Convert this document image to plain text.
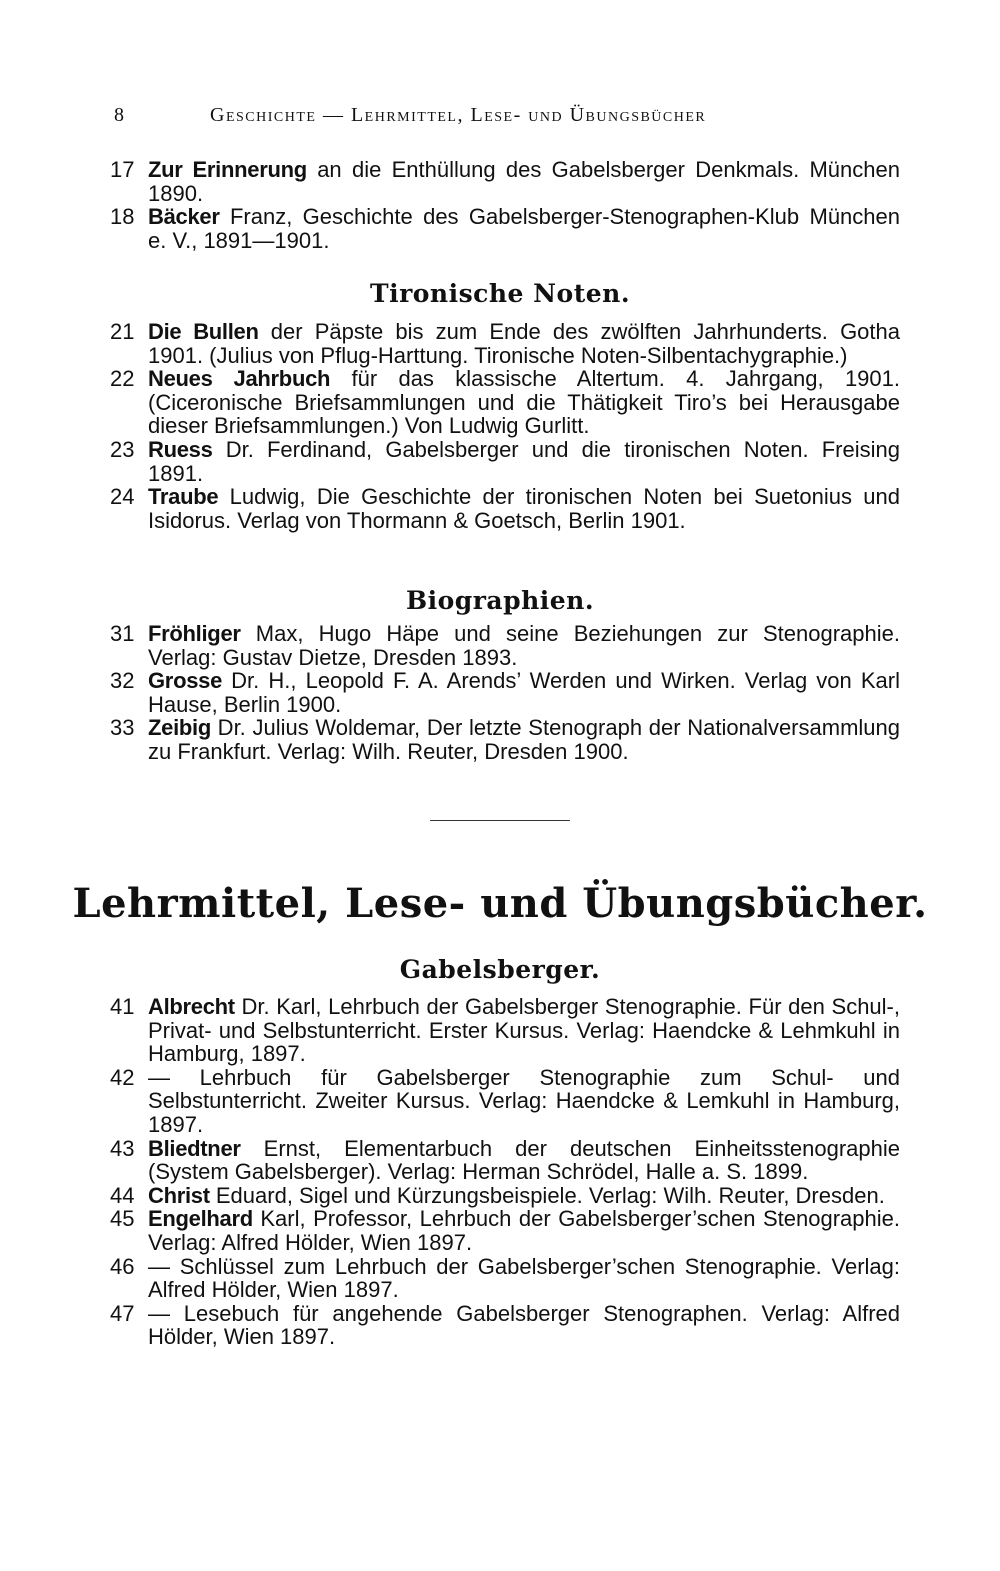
8	Geschichte — Lehrmittel, Lese- und Übungsbücher

17 Zur Erinnerung an die Enthüllung des Gabelsberger Denkmals. München 1890.

18 Bäcker Franz, Geschichte des Gabelsberger-Stenographen-Klub München e. V., 1891—1901.

Tironische Noten.

21 Die Bullen der Päpste bis zum Ende des zwölften Jahrhunderts. Gotha 1901. (Julius von Pflug-Harttung. Tironische Noten-Silbentachygraphie.)

22 Neues Jahrbuch für das klassische Altertum. 4. Jahrgang, 1901. (Ciceronische Briefsammlungen und die Thätigkeit Tiro’s bei Herausgabe dieser Briefsammlungen.) Von Ludwig Gurlitt.

23 Ruess Dr. Ferdinand, Gabelsberger und die tironischen Noten. Freising 1891.

24 Traube Ludwig, Die Geschichte der tironischen Noten bei Suetonius und Isidorus. Verlag von Thormann & Goetsch, Berlin 1901.

Biographien.

31 Fröhliger Max, Hugo Häpe und seine Beziehungen zur Stenographie. Verlag: Gustav Dietze, Dresden 1893.

32 Grosse Dr. H., Leopold F. A. Arends’ Werden und Wirken. Verlag von Karl Hause, Berlin 1900.

33 Zeibig Dr. Julius Woldemar, Der letzte Stenograph der Nationalversammlung zu Frankfurt. Verlag: Wilh. Reuter, Dresden 1900.

Lehrmittel, Lese- und Übungsbücher.
Gabelsberger.

41 Albrecht Dr. Karl, Lehrbuch der Gabelsberger Stenographie. Für den Schul-, Privat- und Selbstunterricht. Erster Kursus. Verlag: Haendcke & Lehmkuhl in Hamburg, 1897.

42 — Lehrbuch für Gabelsberger Stenographie zum Schul- und Selbstunterricht. Zweiter Kursus. Verlag: Haendcke & Lemkuhl in Hamburg, 1897.

43 Bliedtner Ernst, Elementarbuch der deutschen Einheitsstenographie (System Gabelsberger). Verlag: Herman Schrödel, Halle a. S. 1899.

44 Christ Eduard, Sigel und Kürzungsbeispiele. Verlag: Wilh. Reuter, Dresden.

45 Engelhard Karl, Professor, Lehrbuch der Gabelsberger’schen Stenographie. Verlag: Alfred Hölder, Wien 1897.

46 — Schlüssel zum Lehrbuch der Gabelsberger’schen Stenographie. Verlag: Alfred Hölder, Wien 1897.

47 — Lesebuch für angehende Gabelsberger Stenographen. Verlag: Alfred Hölder, Wien 1897.
